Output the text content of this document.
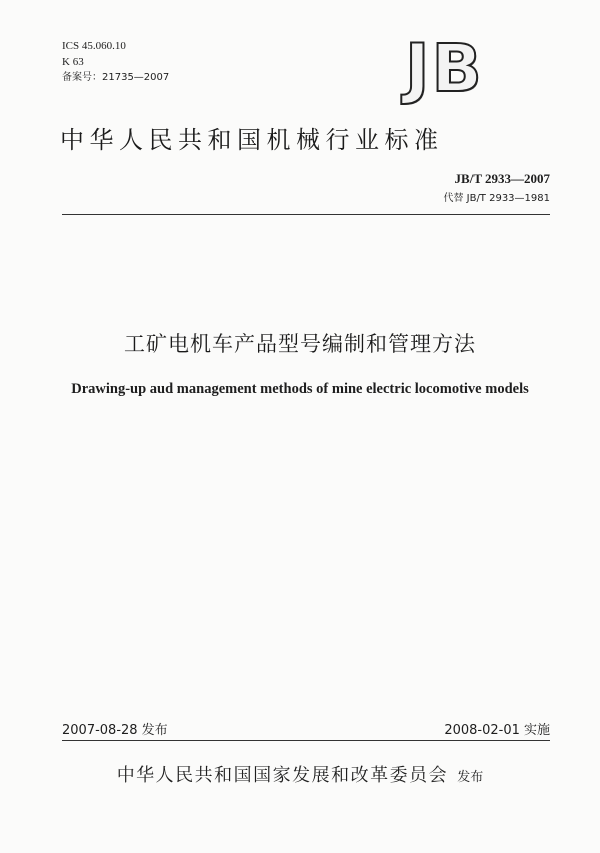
ICS 45.060.10
K 63
备案号：21735—2007	JB
中华人民共和国机械行业标准
JB/T 2933—2007
代替 JB/T 2933—1981
工矿电机车产品型号编制和管理方法
Drawing-up aud management methods of mine electric locomotive models
2007-08-28 发布	2008-02-01 实施
中华人民共和国国家发展和改革委员会 发布
